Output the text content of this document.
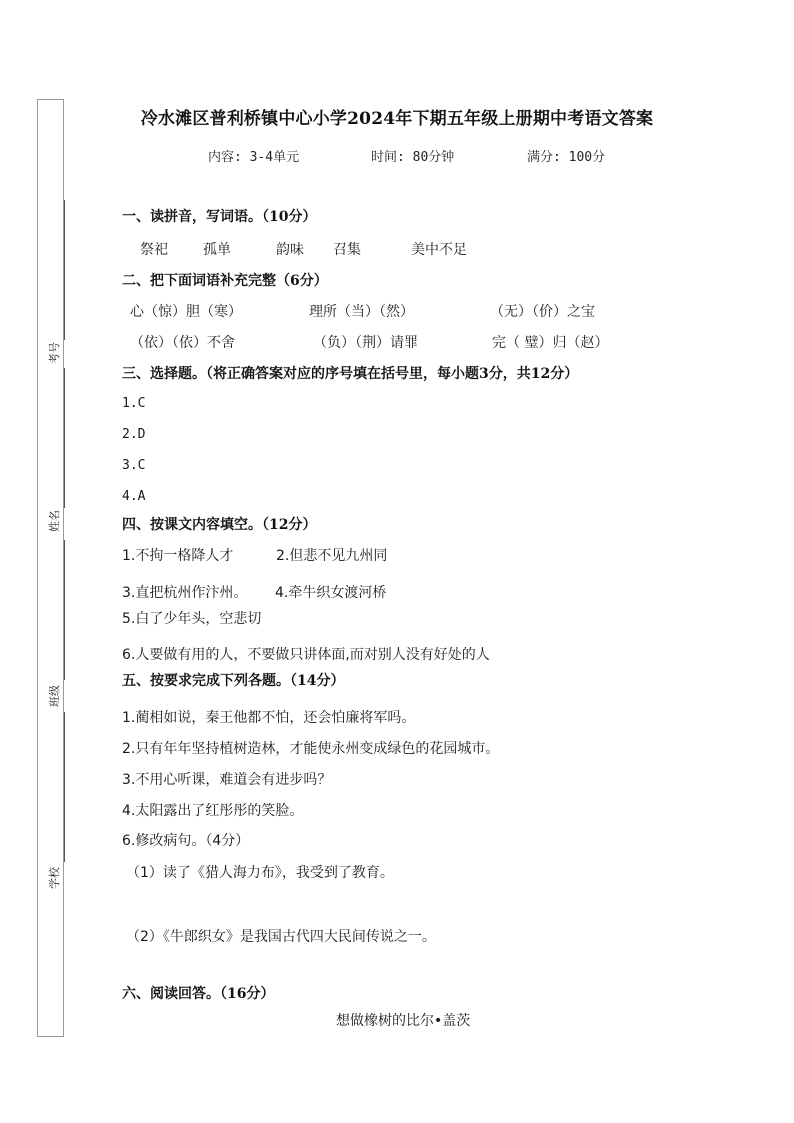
考号
姓名
班级
学校
冷水滩区普利桥镇中心小学2024年下期五年级上册期中考语文答案
内容: 3-4单元	时间: 80分钟	满分: 100分
一、读拼音，写词语。（10分）
祭祀	孤单	韵味 召集	美中不足
二、把下面词语补充完整（6分）
心（惊）胆（寒）	理所（当）（然）	（无）（价）之宝
（依）（依）不舍	（负）（荆）请罪	完（ 璧）归（赵）
三、选择题。（将正确答案对应的序号填在括号里，每小题3分，共12分）
1.C
2.D
3.C
4.A
四、按课文内容填空。（12分）
1.不拘一格降人才	2.但悲不见九州同
3.直把杭州作汴州。 4.牵牛织女渡河桥
5.白了少年头，空悲切
6.人要做有用的人，不要做只讲体面,而对别人没有好处的人
五、按要求完成下列各题。（14分）
1.蔺相如说，秦王他都不怕，还会怕廉将军吗。
2.只有年年坚持植树造林，才能使永州变成绿色的花园城市。
3.不用心听课，难道会有进步吗？
4.太阳露出了红彤彤的笑脸。
6.修改病句。（4分）
（1）读了《猎人海力布》，我受到了教育。
（2）《牛郎织女》是我国古代四大民间传说之一。
六、阅读回答。（16分）
想做橡树的比尔•盖茨
